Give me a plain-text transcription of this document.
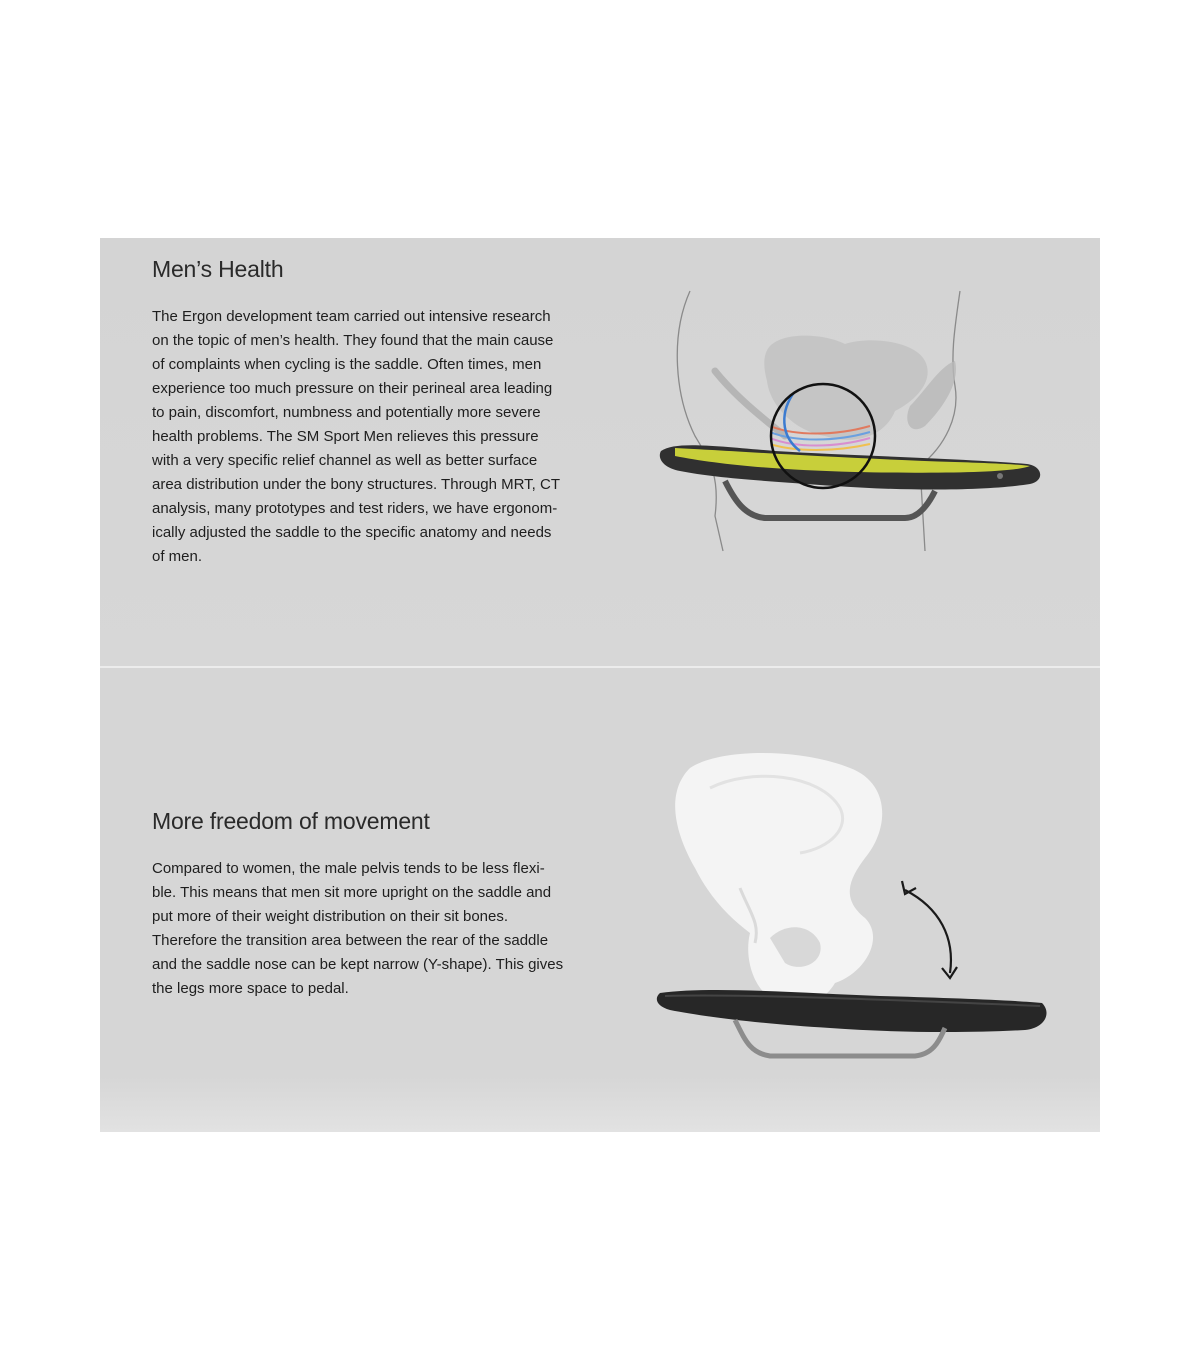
Men’s Health

The Ergon development team carried out intensive research
on the topic of men’s health. They found that the main cause
of complaints when cycling is the saddle. Often times, men
experience too much pressure on their perineal area leading
to pain, discomfort, numbness and potentially more severe
health problems. The SM Sport Men relieves this pressure
with a very specific relief channel as well as better surface
area distribution under the bony structures. Through MRT, CT
analysis, many prototypes and test riders, we have ergonom-
ically adjusted the saddle to the specific anatomy and needs
of men.

More freedom of movement

Compared to women, the male pelvis tends to be less flexi-
ble. This means that men sit more upright on the saddle and
put more of their weight distribution on their sit bones.
Therefore the transition area between the rear of the saddle
and the saddle nose can be kept narrow (Y-shape). This gives
the legs more space to pedal.
